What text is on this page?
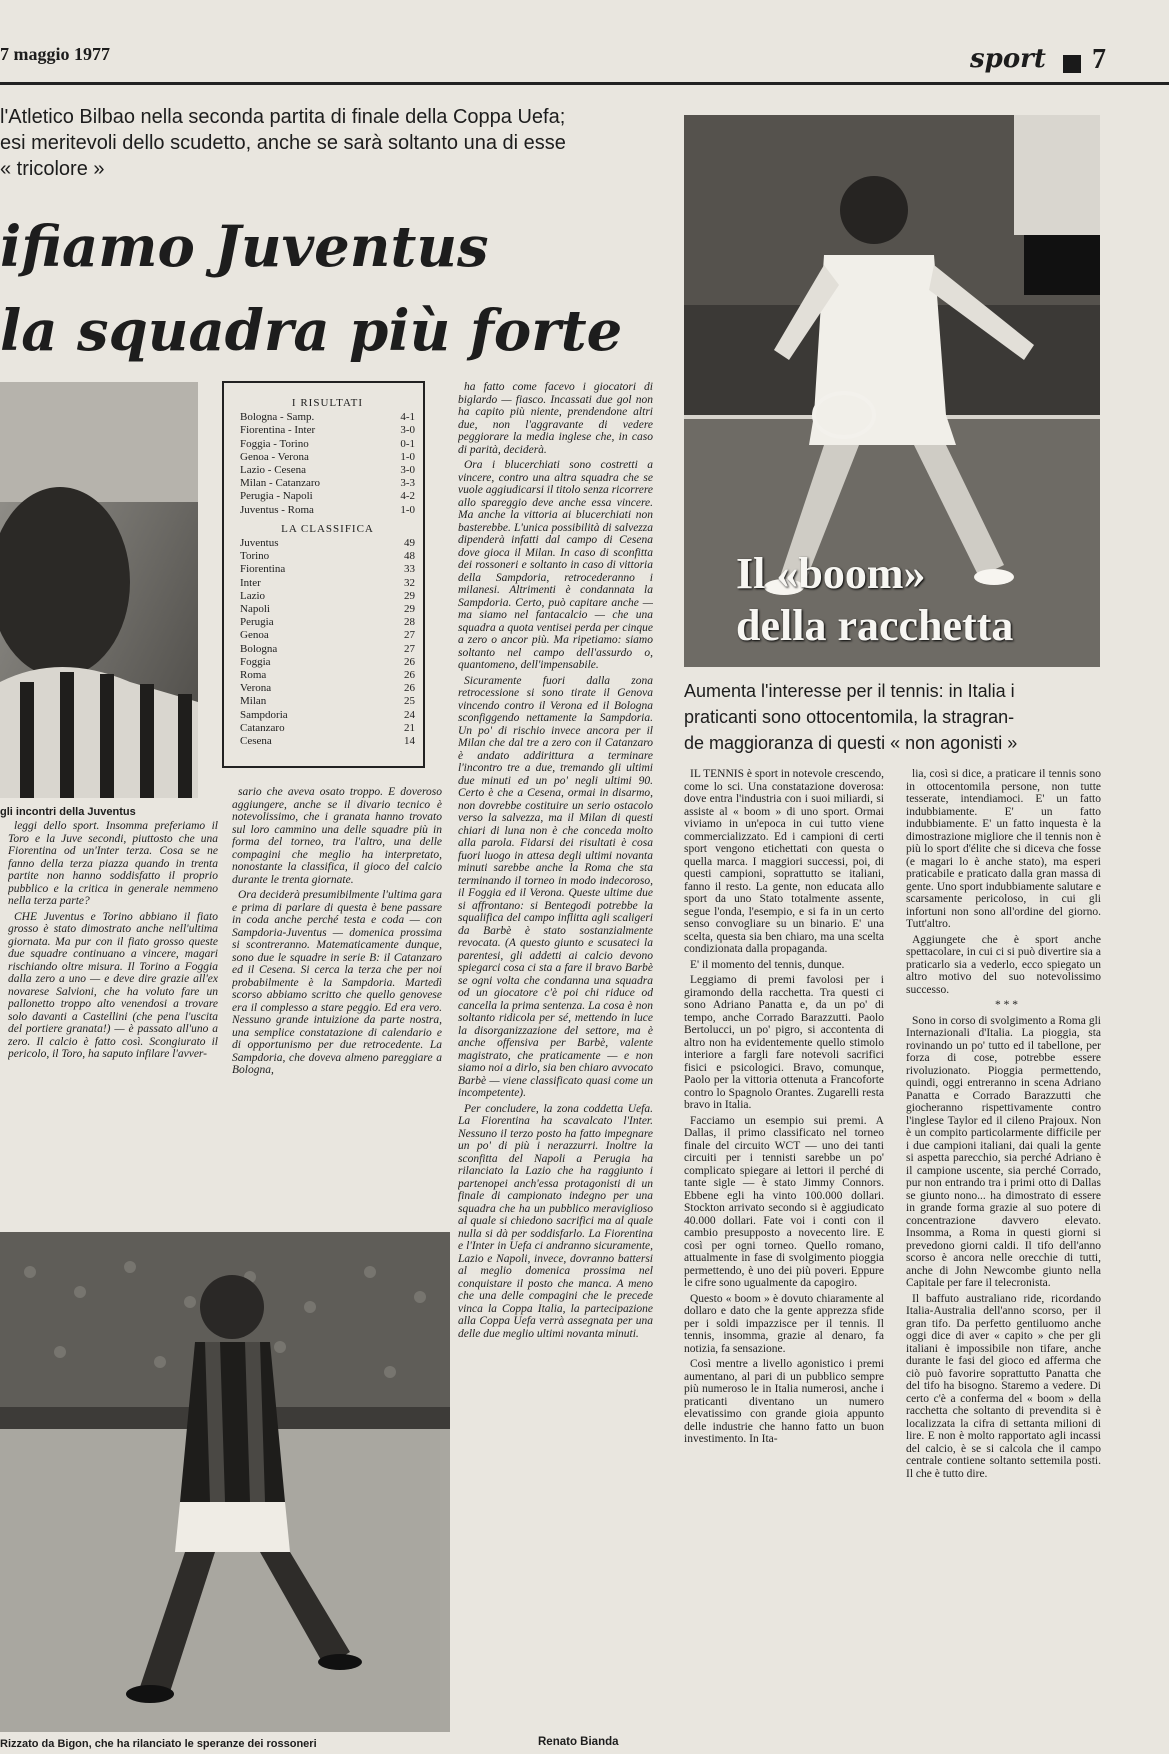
7 maggio 1977	sport 7
l'Atletico Bilbao nella seconda partita di finale della Coppa Uefa;
esi meritevoli dello scudetto, anche se sarà soltanto una di esse
« tricolore »
ifiamo Juventus
la squadra più forte
gli incontri della Juventus
I RISULTATI
Bologna - Samp.	4-1
Fiorentina - Inter	3-0
Foggia - Torino	0-1
Genoa - Verona	1-0
Lazio - Cesena	3-0
Milan - Catanzaro	3-3
Perugia - Napoli	4-2
Juventus - Roma	1-0
LA CLASSIFICA
Juventus	49
Torino	48
Fiorentina	33
Inter	32
Lazio	29
Napoli	29
Perugia	28
Genoa	27
Bologna	27
Foggia	26
Roma	26
Verona	26
Milan	25
Sampdoria	24
Catanzaro	21
Cesena	14

leggi dello sport. Insomma preferiamo il Toro e la Juve secondi, piuttosto che una Fiorentina od un'Inter terza. Cosa se ne fanno della terza piazza quando in trenta partite non hanno soddisfatto il proprio pubblico e la critica in generale nemmeno nella terza parte?

CHE Juventus e Torino abbiano il fiato grosso è stato dimostrato anche nell'ultima giornata. Ma pur con il fiato grosso queste due squadre continuano a vincere, magari rischiando oltre misura. Il Torino a Foggia dalla zero a uno — e deve dire grazie all'ex novarese Salvioni, che ha voluto fare un pallonetto troppo alto venendosi a trovare solo davanti a Castellini (che pena l'uscita del portiere granata!) — è passato all'uno a zero. Il calcio è fatto così. Scongiurato il pericolo, il Toro, ha saputo infilare l'avver-

sario che aveva osato troppo. E doveroso aggiungere, anche se il divario tecnico è notevolissimo, che i granata hanno trovato sul loro cammino una delle squadre più in forma del torneo, tra l'altro, una delle compagini che meglio ha interpretato, nonostante la classifica, il gioco del calcio durante le trenta giornate.

Ora deciderà presumibilmente l'ultima gara e prima di parlare di questa è bene passare in coda anche perché testa e coda — con Sampdoria-Juventus — domenica prossima si scontreranno. Matematicamente dunque, sono due le squadre in serie B: il Catanzaro ed il Cesena. Si cerca la terza che per noi probabilmente è la Sampdoria. Martedì scorso abbiamo scritto che quello genovese era il complesso a stare peggio. Ed era vero. Nessuno grande intuizione da parte nostra, una semplice constatazione di calendario e di opportunismo per due retrocedente. La Sampdoria, che doveva almeno pareggiare a Bologna,

ha fatto come facevo i giocatori di biglardo — fiasco. Incassati due gol non ha capito più niente, prendendone altri due, non l'aggravante di vedere peggiorare la media inglese che, in caso di parità, deciderà.

Ora i blucerchiati sono costretti a vincere, contro una altra squadra che se vuole aggiudicarsi il titolo senza ricorrere allo spareggio deve anche essa vincere. Ma anche la vittoria ai blucerchiati non basterebbe. L'unica possibilità di salvezza dipenderà infatti dal campo di Cesena dove gioca il Milan. In caso di sconfitta dei rossoneri e soltanto in caso di vittoria della Sampdoria, retrocederanno i milanesi. Altrimenti è condannata la Sampdoria. Certo, può capitare anche — ma siamo nel fantacalcio — che una squadra a quota ventisei perda per cinque a zero o ancor più. Ma ripetiamo: siamo soltanto nel campo dell'assurdo o, quantomeno, dell'impensabile.

Sicuramente fuori dalla zona retrocessione si sono tirate il Genova vincendo contro il Verona ed il Bologna sconfiggendo nettamente la Sampdoria. Un po' di rischio invece ancora per il Milan che dal tre a zero con il Catanzaro è andato addirittura a terminare l'incontro tre a due, tremando gli ultimi due minuti ed un po' negli ultimi 90. Certo è che a Cesena, ormai in disarmo, non dovrebbe costituire un serio ostacolo verso la salvezza, ma il Milan di questi chiari di luna non è che conceda molto alla parola. Fidarsi dei risultati è cosa fuori luogo in attesa degli ultimi novanta minuti sarebbe anche la Roma che sta terminando il torneo in modo indecoroso, il Foggia ed il Verona. Queste ultime due si affrontano: si Bentegodi potrebbe la squalifica del campo inflitta agli scaligeri da Barbè è stato sostanzialmente revocata. (A questo giunto e scusateci la parentesi, gli addetti ai calcio devono spiegarci cosa ci sta a fare il bravo Barbè se ogni volta che condanna una squadra od un giocatore c'è poi chi riduce od cancella la prima sentenza. La cosa è non soltanto ridicola per sé, mettendo in luce la disorganizzazione del settore, ma è anche offensiva per Barbè, valente magistrato, che praticamente — e non siamo noi a dirlo, sia ben chiaro avvocato Barbè — viene classificato quasi come un incompetente).

Per concludere, la zona coddetta Uefa. La Fiorentina ha scavalcato l'Inter. Nessuno il terzo posto ha fatto impegnare un po' di più i nerazzurri. Inoltre la sconfitta del Napoli a Perugia ha rilanciato la Lazio che ha raggiunto i partenopei anch'essa protagonisti di un finale di campionato indegno per una squadra che ha un pubblico meraviglioso al quale si chiedono sacrifici ma al quale nulla si dà per soddisfarlo. La Fiorentina e l'Inter in Uefa ci andranno sicuramente, Lazio e Napoli, invece, dovranno battersi al meglio domenica prossima nel conquistare il posto che manca. A meno che una delle compagini che le precede vinca la Coppa Italia, la partecipazione alla Coppa Uefa verrà assegnata per una delle due meglio ultimi novanta minuti.

Renato Bianda
Rizzato da Bigon, che ha rilanciato le speranze dei rossoneri
Il «boom»
della racchetta
Aumenta l'interesse per il tennis: in Italia i
praticanti sono ottocentomila, la stragran-
de maggioranza di questi « non agonisti »

IL TENNIS è sport in notevole crescendo, come lo sci. Una constatazione doverosa: dove entra l'industria con i suoi miliardi, si assiste al « boom » di uno sport. Ormai viviamo in un'epoca in cui tutto viene commercializzato. Ed i campioni di certi sport vengono etichettati con questa o quella marca. I maggiori successi, poi, di questi campioni, soprattutto se italiani, fanno il resto. La gente, non educata allo sport da uno Stato totalmente assente, segue l'onda, l'esempio, e si fa in un certo senso convogliare su un binario. E' una scelta, questa sia ben chiaro, ma una scelta condizionata dalla propaganda.

E' il momento del tennis, dunque.

Leggiamo di premi favolosi per i giramondo della racchetta. Tra questi ci sono Adriano Panatta e, da un po' di tempo, anche Corrado Barazzutti. Paolo Bertolucci, un po' pigro, si accontenta di altro non ha evidentemente quello stimolo interiore a fargli fare notevoli sacrifici fisici e psicologici. Bravo, comunque, Paolo per la vittoria ottenuta a Francoforte contro lo Spagnolo Orantes. Zugarelli resta bravo in Italia.

Facciamo un esempio sui premi. A Dallas, il primo classificato nel torneo finale del circuito WCT — uno dei tanti circuiti per i tennisti sarebbe un po' complicato spiegare ai lettori il perché di tante sigle — è stato Jimmy Connors. Ebbene egli ha vinto 100.000 dollari. Stockton arrivato secondo si è aggiudicato 40.000 dollari. Fate voi i conti con il cambio presupposto a novecento lire. E così per ogni torneo. Quello romano, attualmente in fase di svolgimento pioggia permettendo, è uno dei più poveri. Eppure le cifre sono ugualmente da capogiro.

Questo « boom » è dovuto chiaramente al dollaro e dato che la gente apprezza sfide per i soldi impazzisce per il tennis. Il tennis, insomma, grazie al denaro, fa notizia, fa sensazione.

Così mentre a livello agonistico i premi aumentano, al pari di un pubblico sempre più numeroso le in Italia numerosi, anche i praticanti diventano un numero elevatissimo con grande gioia appunto delle industrie che hanno fatto un buon investimento. In Ita-

lia, così si dice, a praticare il tennis sono in ottocentomila persone, non tutte tesserate, intendiamoci. E' un fatto indubbiamente. E' un fatto indubbiamente. E' un fatto inquesta è la dimostrazione migliore che il tennis non è più lo sport d'élite che si diceva che fosse (e magari lo è anche stato), ma esperi praticabile e praticato dalla gran massa di gente. Uno sport indubbiamente salutare e scarsamente pericoloso, in cui gli infortuni non sono all'ordine del giorno. Tutt'altro.

Aggiungete che è sport anche spettacolare, in cui ci si può divertire sia a praticarlo sia a vederlo, ecco spiegato un altro motivo del suo notevolissimo successo.

* * *

Sono in corso di svolgimento a Roma gli Internazionali d'Italia. La pioggia, sta rovinando un po' tutto ed il tabellone, per forza di cose, potrebbe essere rivoluzionato. Pioggia permettendo, quindi, oggi entreranno in scena Adriano Panatta e Corrado Barazzutti che giocheranno rispettivamente contro l'inglese Taylor ed il cileno Prajoux. Non è un compito particolarmente difficile per i due campioni italiani, dai quali la gente si aspetta parecchio, sia perché Adriano è il campione uscente, sia perché Corrado, pur non entrando tra i primi otto di Dallas se giunto nono... ha dimostrato di essere in grande forma grazie al suo potere di concentrazione davvero elevato. Insomma, a Roma in questi giorni si prevedono giorni caldi. Il tifo dell'anno scorso è ancora nelle orecchie di tutti, anche di John Newcombe giunto nella Capitale per fare il telecronista.

Il baffuto australiano ride, ricordando Italia-Australia dell'anno scorso, per il gran tifo. Da perfetto gentiluomo anche oggi dice di aver « capito » che per gli italiani è impossibile non tifare, anche durante le fasi del gioco ed afferma che ciò può favorire soprattutto Panatta che del tifo ha bisogno. Staremo a vedere. Di certo c'è a conferma del « boom » della racchetta che soltanto di prevendita si è localizzata la cifra di settanta milioni di lire. E non è molto rapportato agli incassi del calcio, è se si calcola che il campo centrale contiene soltanto settemila posti. Il che è tutto dire.
